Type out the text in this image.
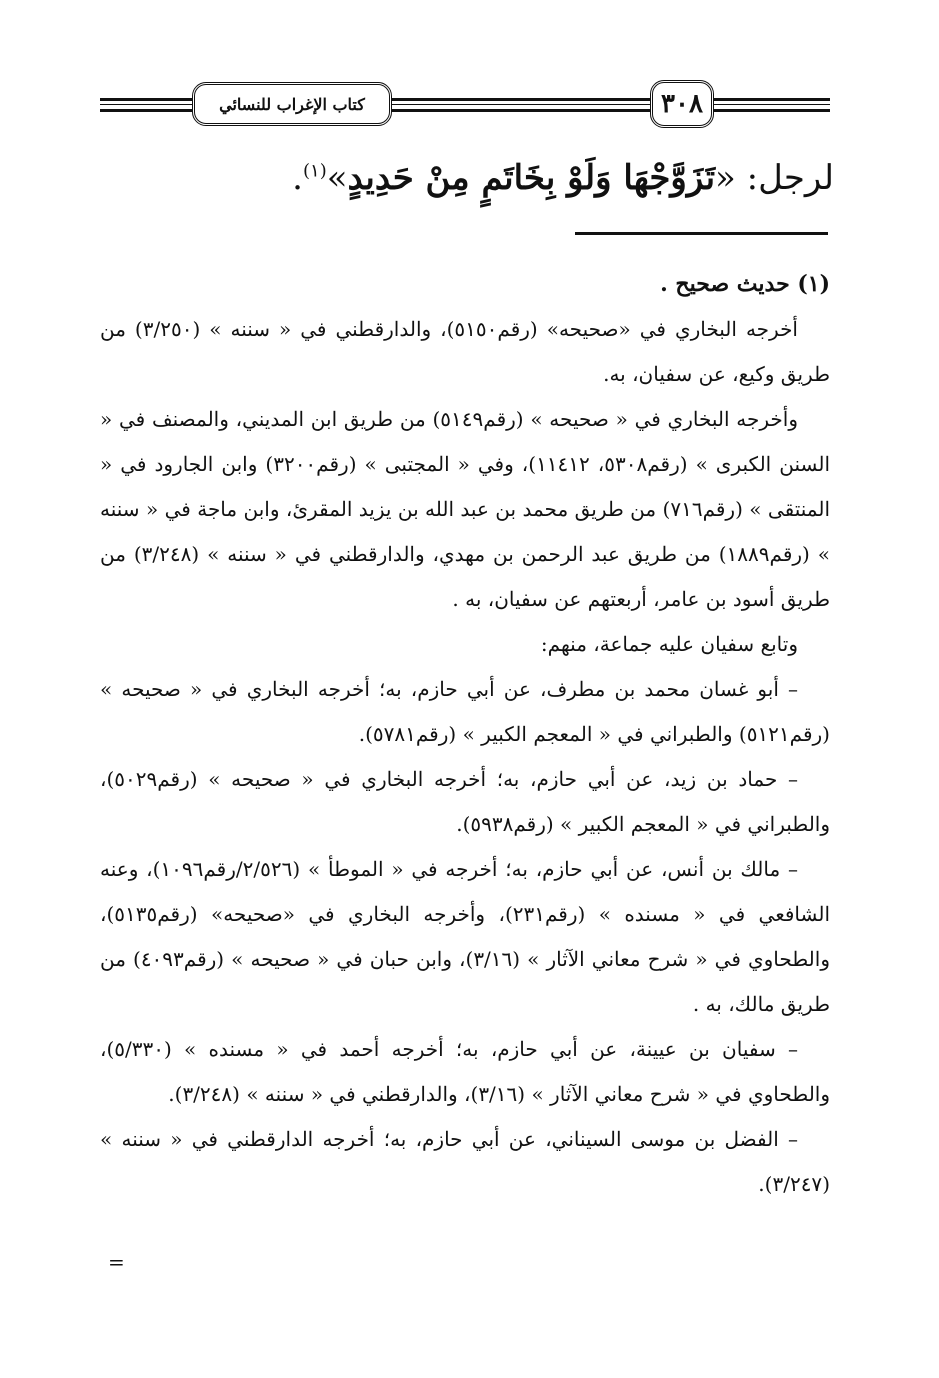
كتاب الإغراب للنسائي	٣٠٨
لرجل: «تَزَوَّجْهَا وَلَوْ بِخَاتَمٍ مِنْ حَدِيدٍ»$^{(١)}$.

(١) حديث صحيح .

أخرجه البخاري في «صحيحه» (رقم٥١٥٠)، والدارقطني في « سننه » (٣/٢٥٠) من طريق وكيع، عن سفيان، به.

وأخرجه البخاري في « صحيحه » (رقم٥١٤٩) من طريق ابن المديني، والمصنف في « السنن الكبرى » (رقم٥٣٠٨، ١١٤١٢)، وفي « المجتبى » (رقم٣٢٠٠) وابن الجارود في « المنتقى » (رقم٧١٦) من طريق محمد بن عبد الله بن يزيد المقرئ، وابن ماجة في « سننه » (رقم١٨٨٩) من طريق عبد الرحمن بن مهدي، والدارقطني في « سننه » (٣/٢٤٨) من طريق أسود بن عامر، أربعتهم عن سفيان، به .

وتابع سفيان عليه جماعة، منهم:

– أبو غسان محمد بن مطرف، عن أبي حازم، به؛ أخرجه البخاري في « صحيحه » (رقم٥١٢١) والطبراني في « المعجم الكبير » (رقم٥٧٨١).

– حماد بن زيد، عن أبي حازم، به؛ أخرجه البخاري في « صحيحه » (رقم٥٠٢٩)، والطبراني في « المعجم الكبير » (رقم٥٩٣٨).

– مالك بن أنس، عن أبي حازم، به؛ أخرجه في « الموطأ » (٢/٥٢٦/رقم١٠٩٦)، وعنه الشافعي في « مسنده » (رقم٢٣١)، وأخرجه البخاري في «صحيحه» (رقم٥١٣٥)، والطحاوي في « شرح معاني الآثار » (٣/١٦)، وابن حبان في « صحيحه » (رقم٤٠٩٣) من طريق مالك، به .

– سفيان بن عيينة، عن أبي حازم، به؛ أخرجه أحمد في « مسنده » (٥/٣٣٠)، والطحاوي في « شرح معاني الآثار » (٣/١٦)، والدارقطني في « سننه » (٣/٢٤٨).

– الفضل بن موسى السيناني، عن أبي حازم، به؛ أخرجه الدارقطني في « سننه » (٣/٢٤٧).

=
